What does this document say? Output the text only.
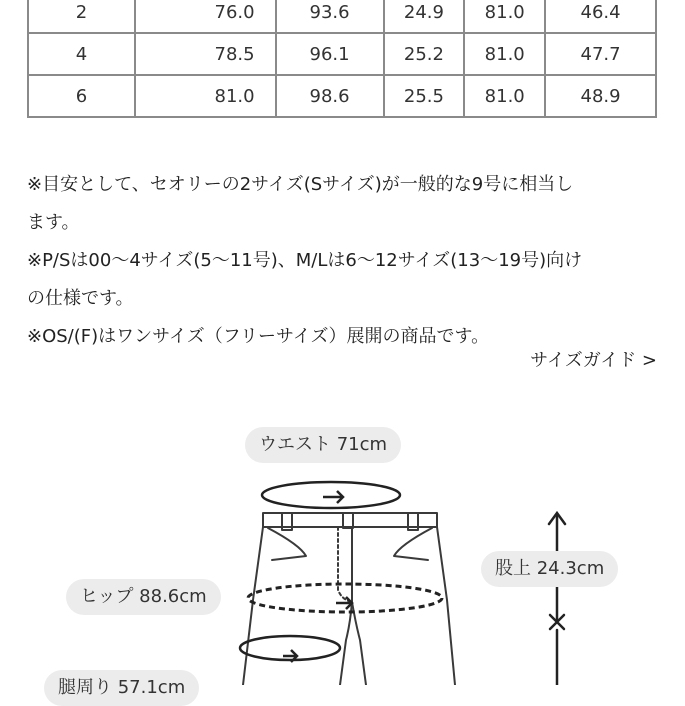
2	76.0	93.6	24.9	81.0	46.4
4	78.5	96.1	25.2	81.0	47.7
6	81.0	98.6	25.5	81.0	48.9

※目安として、セオリーの2サイズ(Sサイズ)が一般的な9号に相当し

ます。

※P/Sは00〜4サイズ(5〜11号)、M/Lは6〜12サイズ(13〜19号)向け

の仕様です。

※OS/(F)はワンサイズ（フリーサイズ）展開の商品です。

サイズガイド >
ウエスト 71cm
ヒップ 88.6cm
股上 24.3cm
腿周り 57.1cm
